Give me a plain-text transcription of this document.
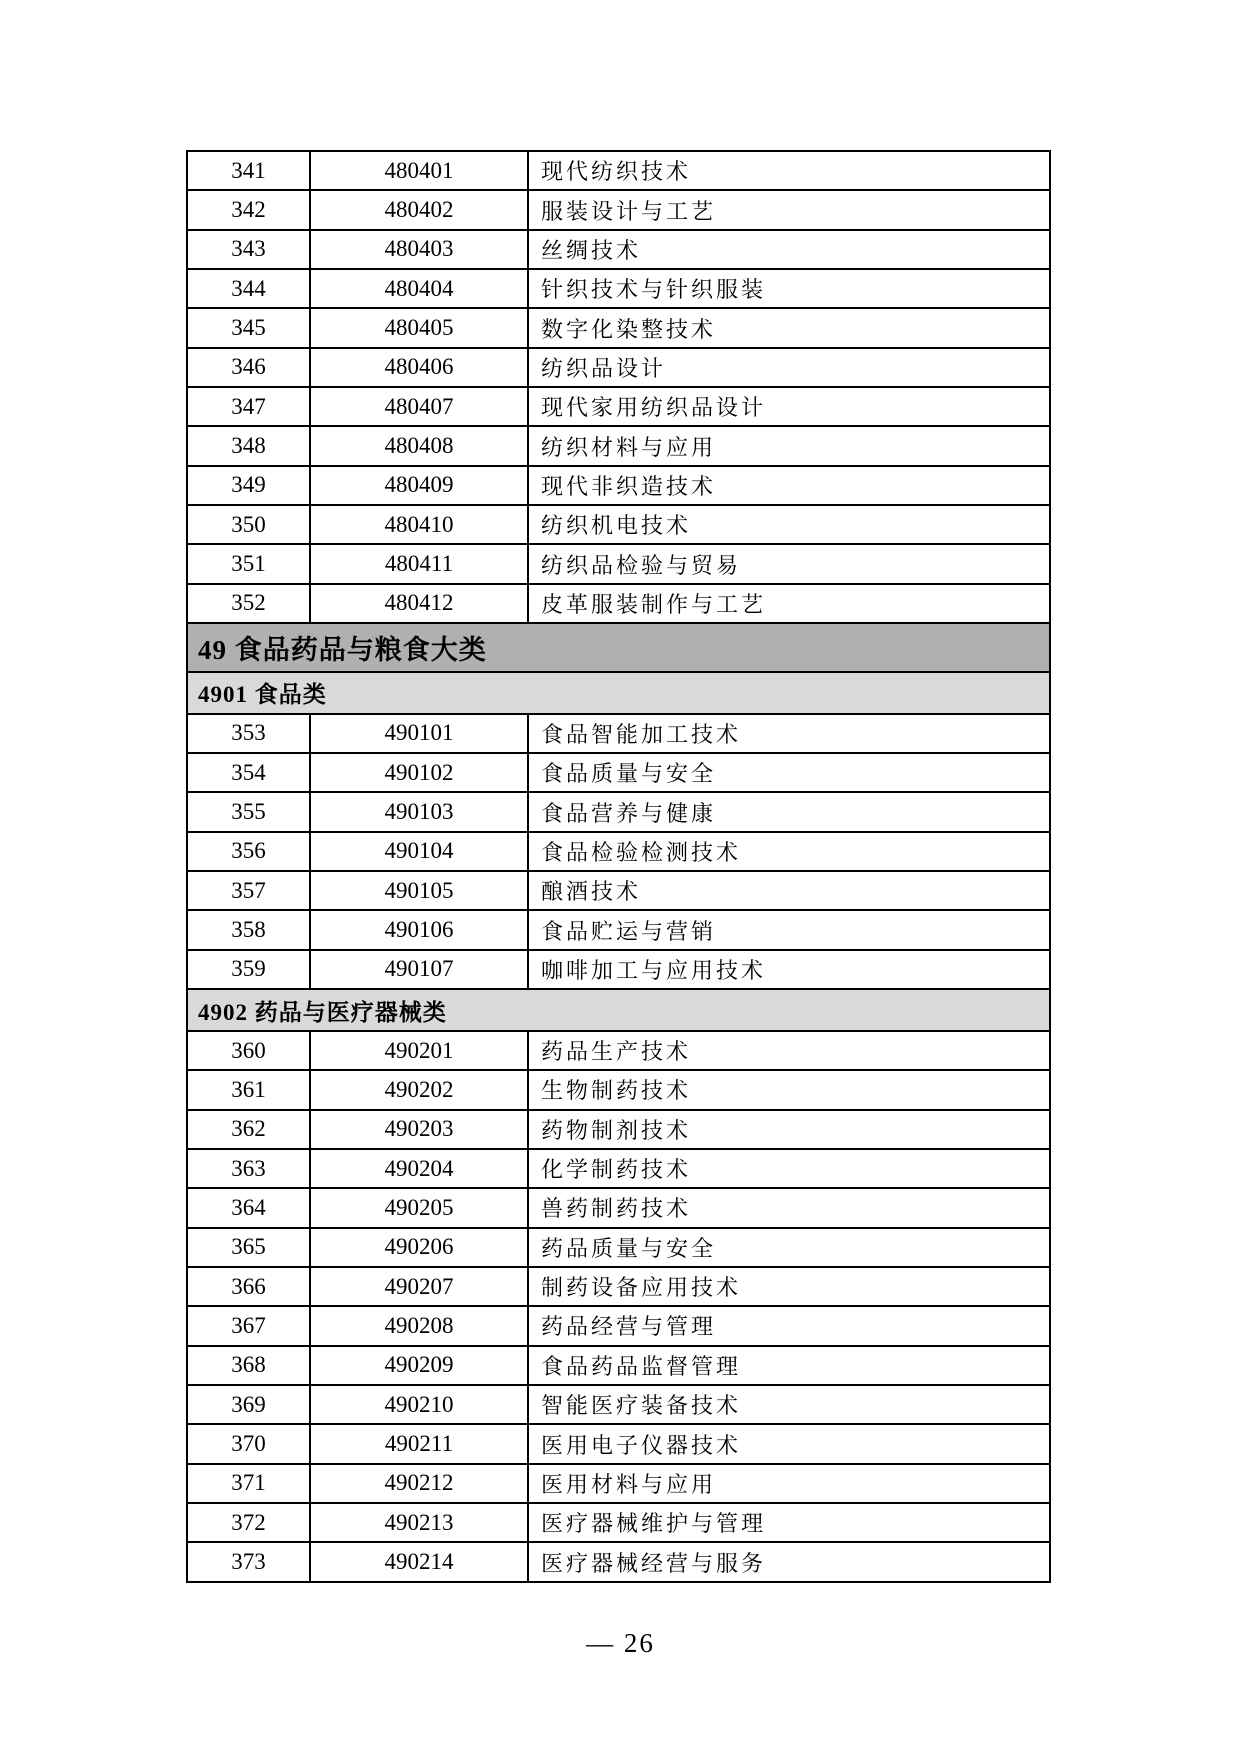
341	480401	现代纺织技术
342	480402	服装设计与工艺
343	480403	丝绸技术
344	480404	针织技术与针织服装
345	480405	数字化染整技术
346	480406	纺织品设计
347	480407	现代家用纺织品设计
348	480408	纺织材料与应用
349	480409	现代非织造技术
350	480410	纺织机电技术
351	480411	纺织品检验与贸易
352	480412	皮革服装制作与工艺
49 食品药品与粮食大类		
4901 食品类		
353	490101	食品智能加工技术
354	490102	食品质量与安全
355	490103	食品营养与健康
356	490104	食品检验检测技术
357	490105	酿酒技术
358	490106	食品贮运与营销
359	490107	咖啡加工与应用技术
4902 药品与医疗器械类		
360	490201	药品生产技术
361	490202	生物制药技术
362	490203	药物制剂技术
363	490204	化学制药技术
364	490205	兽药制药技术
365	490206	药品质量与安全
366	490207	制药设备应用技术
367	490208	药品经营与管理
368	490209	食品药品监督管理
369	490210	智能医疗装备技术
370	490211	医用电子仪器技术
371	490212	医用材料与应用
372	490213	医疗器械维护与管理
373	490214	医疗器械经营与服务
— 26
